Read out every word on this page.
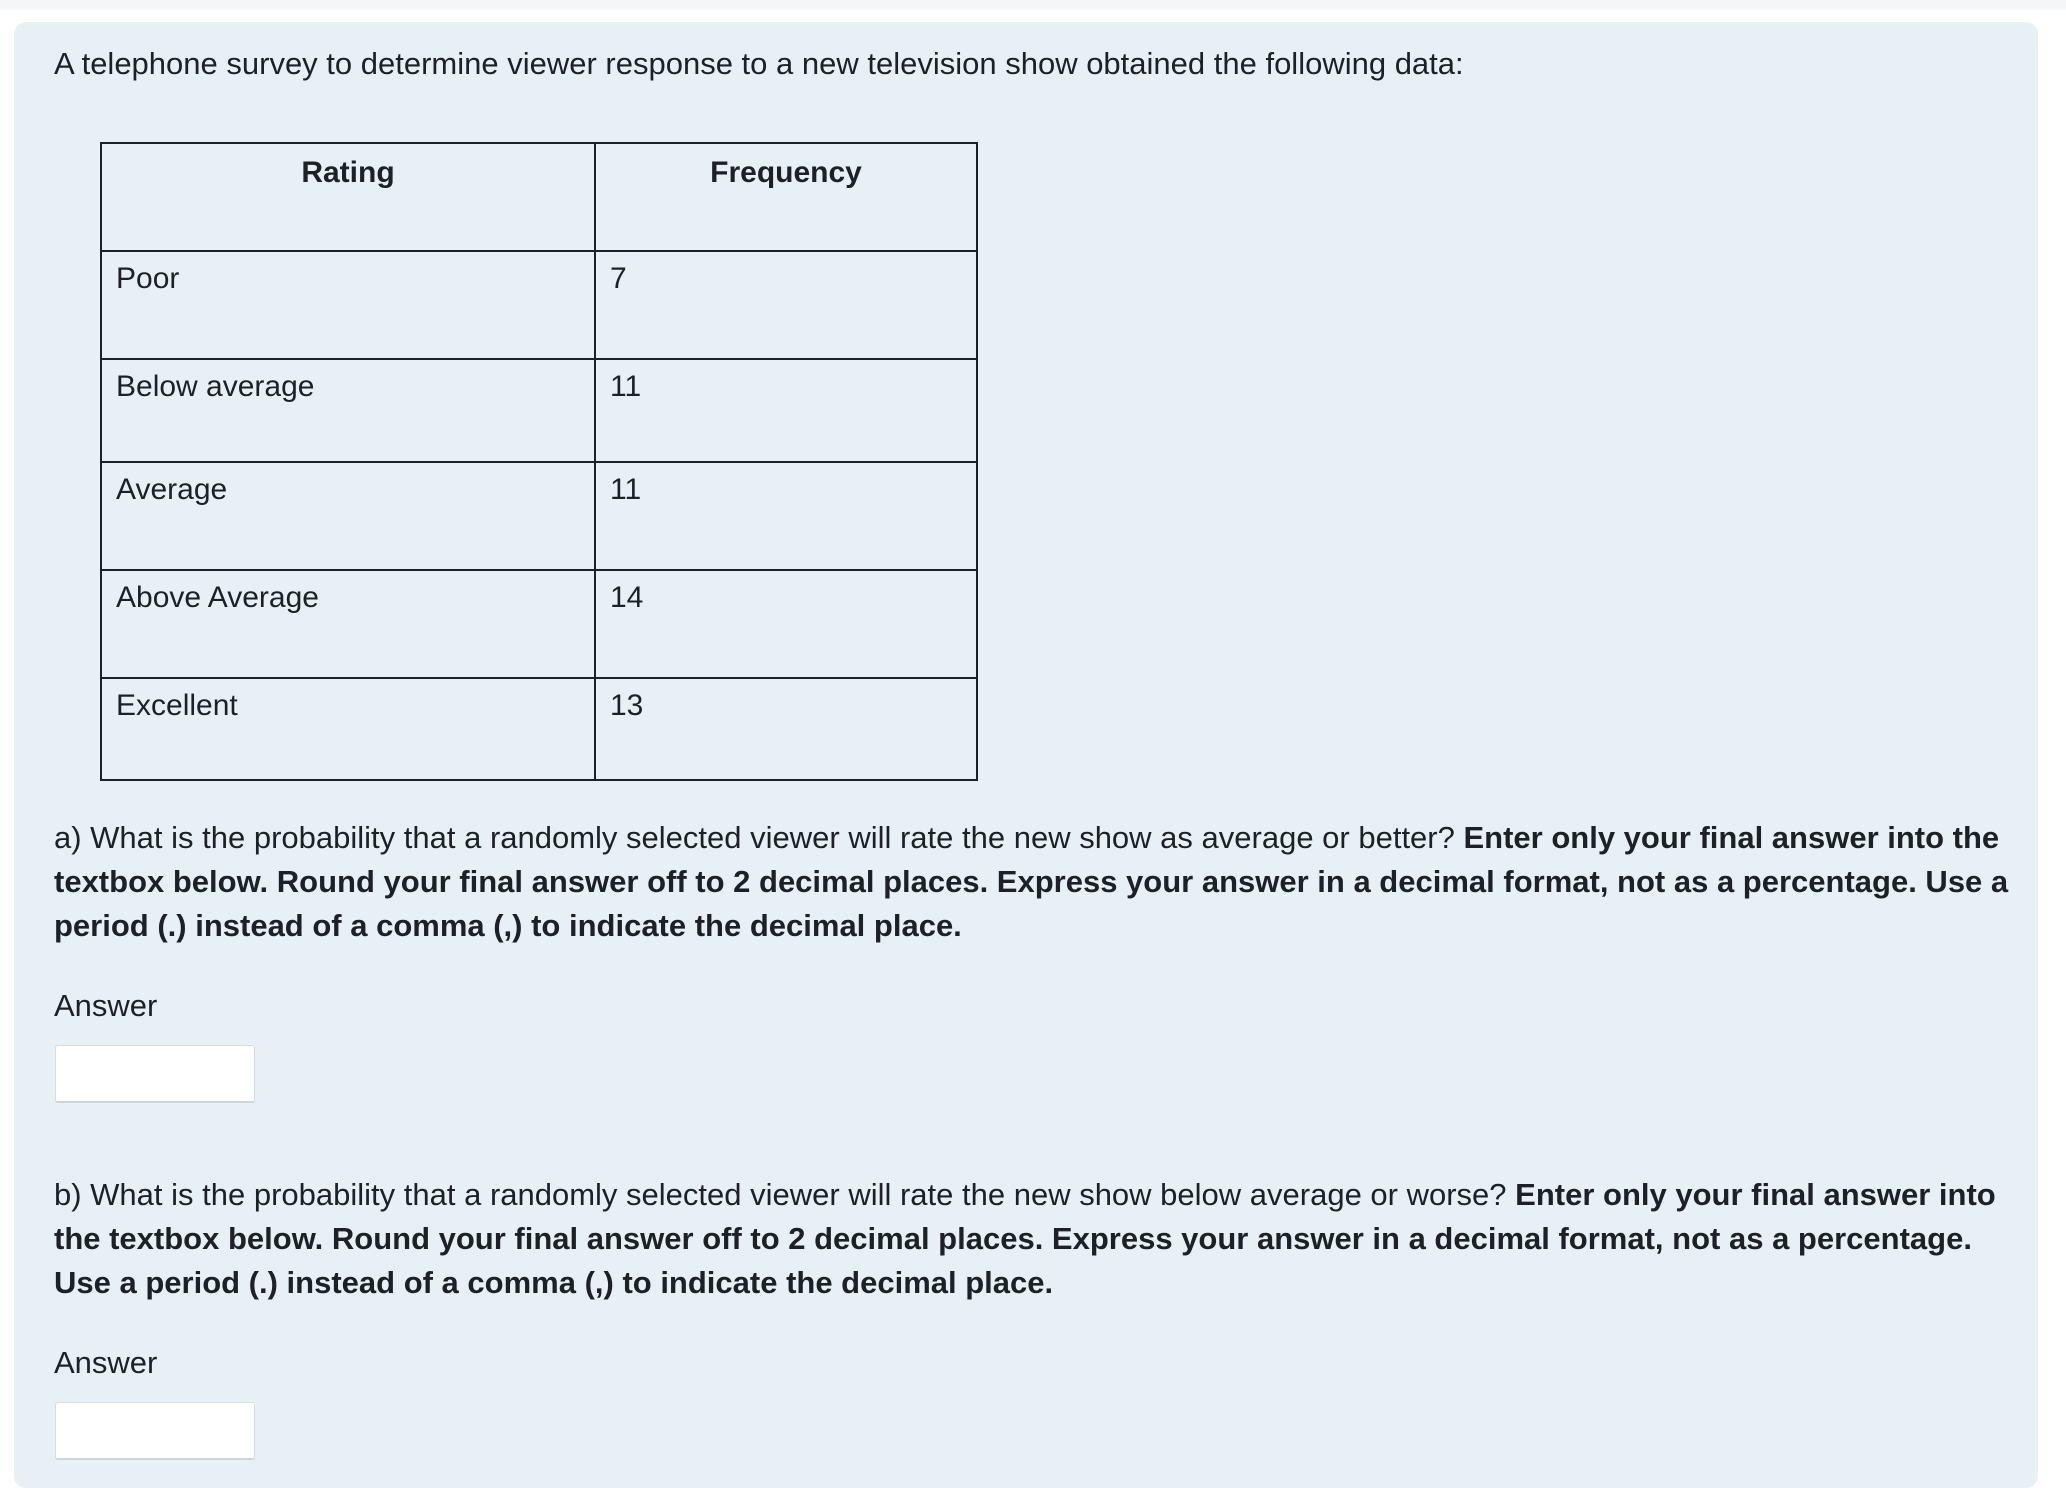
A telephone survey to determine viewer response to a new television show obtained the following data:

Rating	Frequency
Poor	7
Below average	11
Average	11
Above Average	14
Excellent	13

a) What is the probability that a randomly selected viewer will rate the new show as average or better? Enter only your final answer into the textbox below. Round your final answer off to 2 decimal places. Express your answer in a decimal format, not as a percentage. Use a period (.) instead of a comma (,) to indicate the decimal place.

Answer

b) What is the probability that a randomly selected viewer will rate the new show below average or worse? Enter only your final answer into the textbox below. Round your final answer off to 2 decimal places. Express your answer in a decimal format, not as a percentage. Use a period (.) instead of a comma (,) to indicate the decimal place.

Answer
